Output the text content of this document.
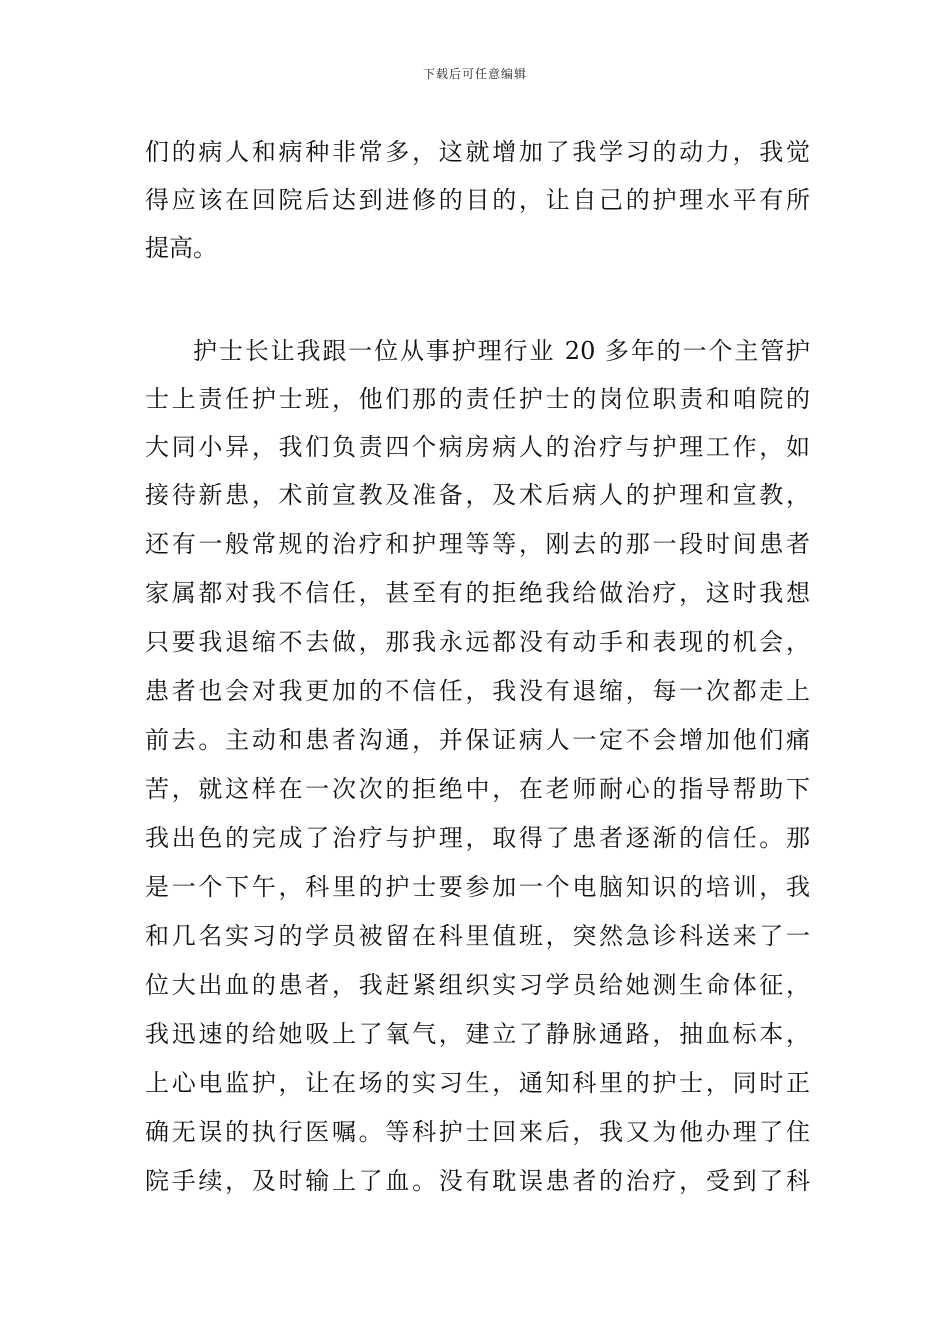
下载后可任意编辑
们的病人和病种非常多，这就增加了我学习的动力，我觉
得应该在回院后达到进修的目的，让自己的护理水平有所
提高。
护士长让我跟一位从事护理行业 20 多年的一个主管护
士上责任护士班，他们那的责任护士的岗位职责和咱院的
大同小异，我们负责四个病房病人的治疗与护理工作，如
接待新患，术前宣教及准备，及术后病人的护理和宣教，
还有一般常规的治疗和护理等等，刚去的那一段时间患者
家属都对我不信任，甚至有的拒绝我给做治疗，这时我想
只要我退缩不去做，那我永远都没有动手和表现的机会，
患者也会对我更加的不信任，我没有退缩，每一次都走上
前去。主动和患者沟通，并保证病人一定不会增加他们痛
苦，就这样在一次次的拒绝中，在老师耐心的指导帮助下
我出色的完成了治疗与护理，取得了患者逐渐的信任。那
是一个下午，科里的护士要参加一个电脑知识的培训，我
和几名实习的学员被留在科里值班，突然急诊科送来了一
位大出血的患者，我赶紧组织实习学员给她测生命体征，
我迅速的给她吸上了氧气，建立了静脉通路，抽血标本，
上心电监护，让在场的实习生，通知科里的护士，同时正
确无误的执行医嘱。等科护士回来后，我又为他办理了住
院手续，及时输上了血。没有耽误患者的治疗，受到了科
